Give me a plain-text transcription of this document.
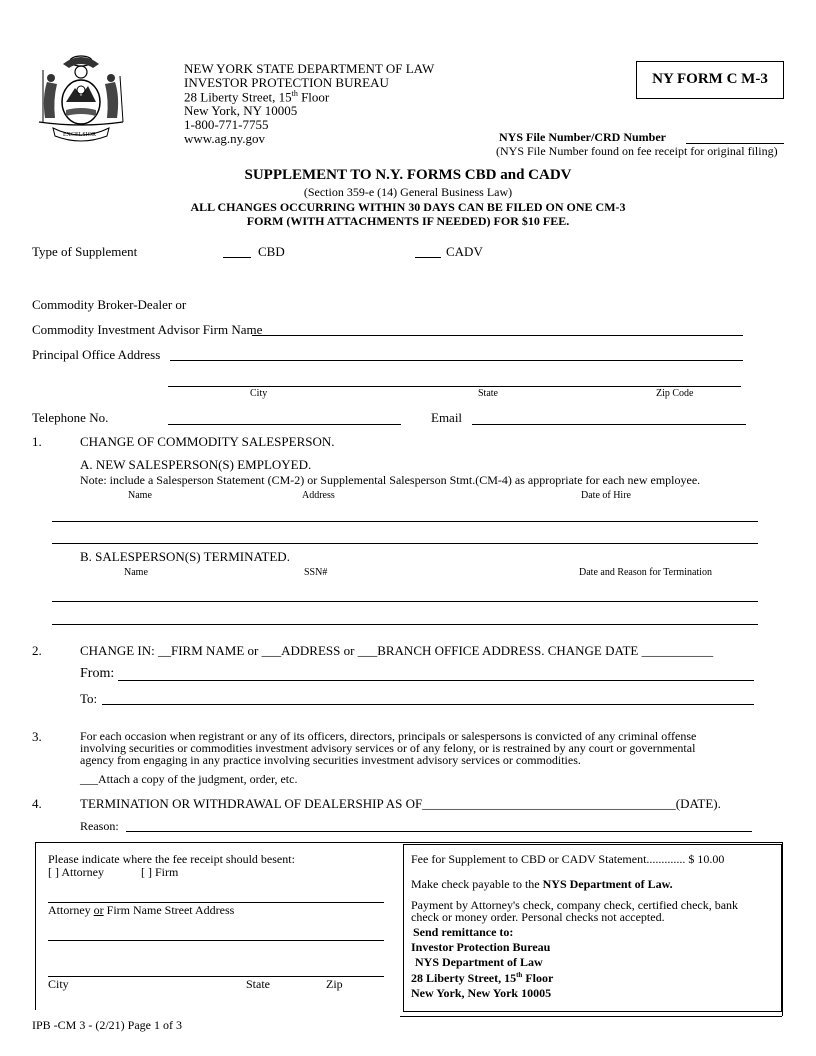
EXCELSIOR
NEW YORK STATE DEPARTMENT OF LAW
INVESTOR PROTECTION BUREAU
28 Liberty Street, 15th Floor
New York, NY 10005
1-800-771-7755
www.ag.ny.gov
NY FORM C M-3
NYS File Number/CRD Number
(NYS File Number found on fee receipt for original filing)
SUPPLEMENT TO N.Y. FORMS CBD and CADV
(Section 359-e (14) General Business Law)
ALL CHANGES OCCURRING WITHIN 30 DAYS CAN BE FILED ON ONE CM-3
FORM (WITH ATTACHMENTS IF NEEDED) FOR $10 FEE.
Type of Supplement	CBD	CADV
Commodity Broker-Dealer or
Commodity Investment Advisor Firm Name
Principal Office Address
City	State	Zip Code
Telephone No.	Email
1.	CHANGE OF COMMODITY SALESPERSON.
A. NEW SALESPERSON(S) EMPLOYED.
Note: include a Salesperson Statement (CM-2) or Supplemental Salesperson Stmt.(CM-4) as appropriate for each new employee.
Name	Address	Date of Hire
B. SALESPERSON(S) TERMINATED.
Name	SSN#	Date and Reason for Termination
2.	CHANGE IN: __FIRM NAME or ___ADDRESS or ___BRANCH OFFICE ADDRESS. CHANGE DATE ___________
From:
To:
3.	For each occasion when registrant or any of its officers, directors, principals or salespersons is convicted of any criminal offense
involving securities or commodities investment advisory services or of any felony, or is restrained by any court or governmental
agency from engaging in any practice involving securities investment advisory services or commodities.
___Attach a copy of the judgment, order, etc.
4.	TERMINATION OR WITHDRAWAL OF DEALERSHIP AS OF_______________________________________(DATE).
Reason:
Please indicate where the fee receipt should besent:
[ ] Attorney	[ ] Firm
Attorney or Firm Name Street Address
City	State	Zip
Fee for Supplement to CBD or CADV Statement............. $ 10.00
Make check payable to the NYS Department of Law.
Payment by Attorney's check, company check, certified check, bank
check or money order. Personal checks not accepted.
Send remittance to:
Investor Protection Bureau
NYS Department of Law
28 Liberty Street, 15th Floor
New York, New York 10005
IPB -CM 3 - (2/21) Page 1 of 3
